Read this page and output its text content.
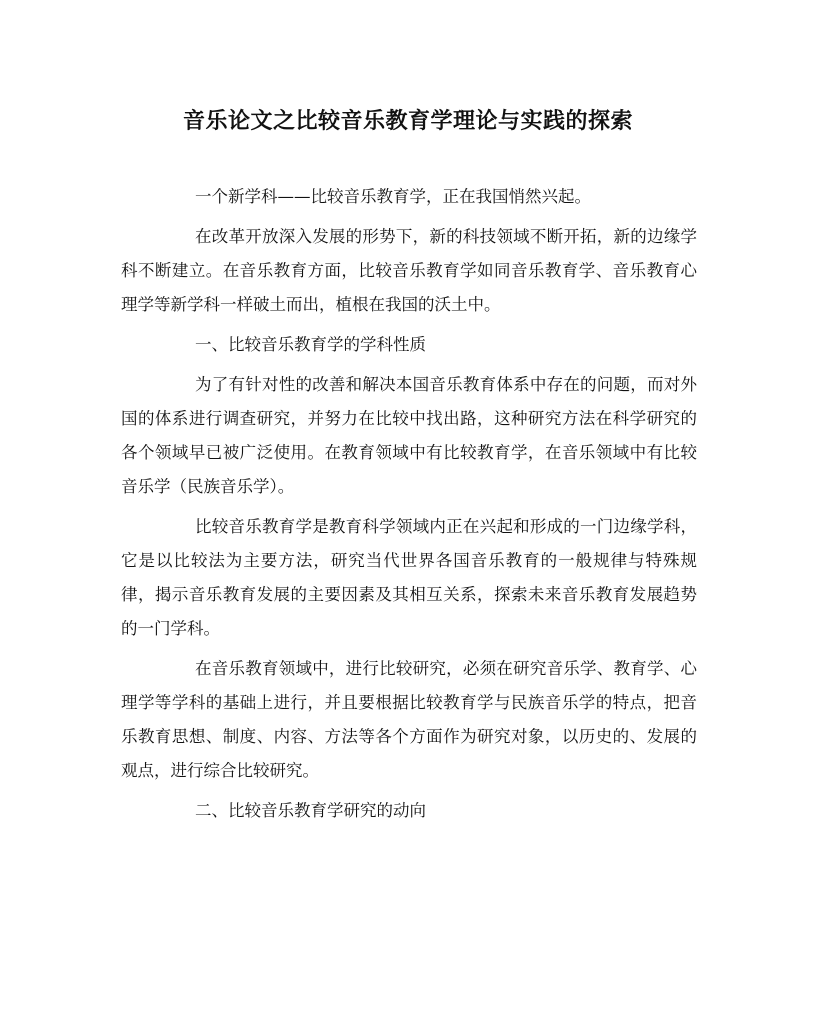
音乐论文之比较音乐教育学理论与实践的探索

一个新学科——比较音乐教育学，正在我国悄然兴起。

在改革开放深入发展的形势下，新的科技领域不断开拓，新的边缘学科不断建立。在音乐教育方面，比较音乐教育学如同音乐教育学、音乐教育心理学等新学科一样破土而出，植根在我国的沃土中。

一、比较音乐教育学的学科性质

为了有针对性的改善和解决本国音乐教育体系中存在的问题，而对外国的体系进行调查研究，并努力在比较中找出路，这种研究方法在科学研究的各个领域早已被广泛使用。在教育领域中有比较教育学，在音乐领域中有比较音乐学（民族音乐学）。

比较音乐教育学是教育科学领域内正在兴起和形成的一门边缘学科，它是以比较法为主要方法，研究当代世界各国音乐教育的一般规律与特殊规律，揭示音乐教育发展的主要因素及其相互关系，探索未来音乐教育发展趋势的一门学科。

在音乐教育领域中，进行比较研究，必须在研究音乐学、教育学、心理学等学科的基础上进行，并且要根据比较教育学与民族音乐学的特点，把音乐教育思想、制度、内容、方法等各个方面作为研究对象，以历史的、发展的观点，进行综合比较研究。

二、比较音乐教育学研究的动向
